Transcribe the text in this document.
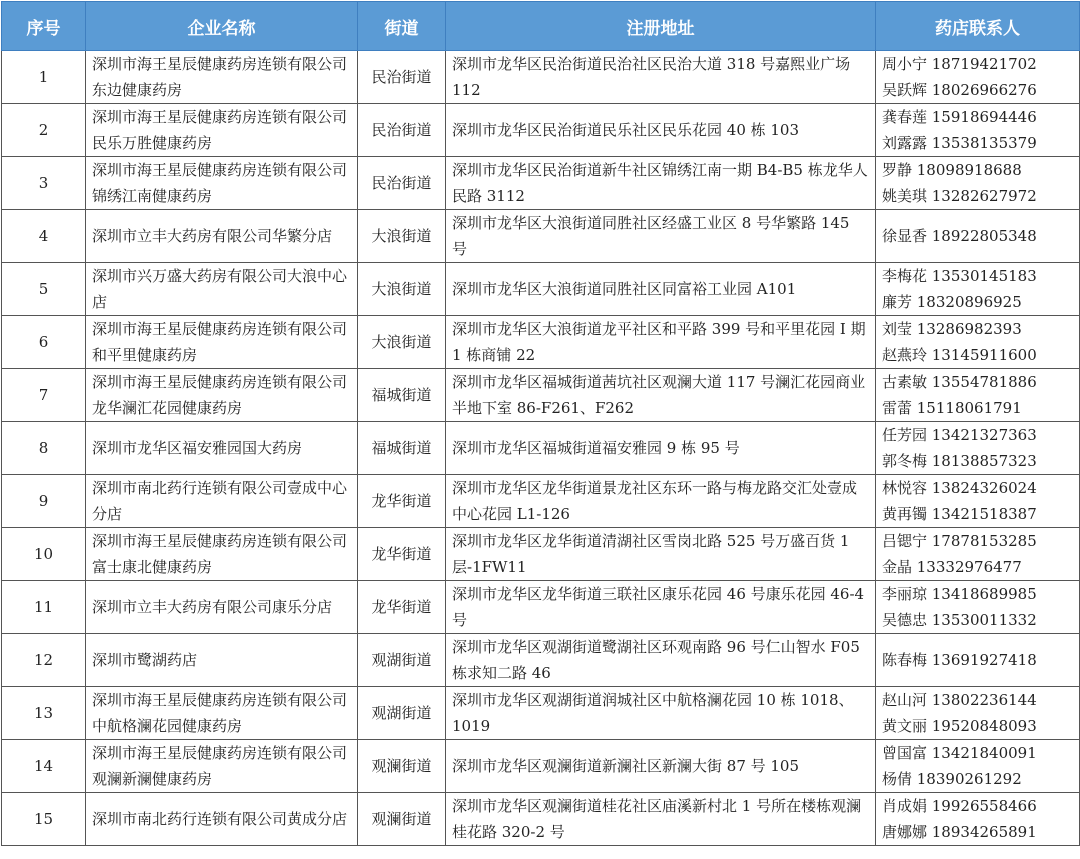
序号	企业名称	街道	注册地址	药店联系人
1	深圳市海王星辰健康药房连锁有限公司东边健康药房	民治街道	深圳市龙华区民治街道民治社区民治大道 318 号嘉熙业广场 112	周小宁 18719421702
吴跃辉 18026966276

2	深圳市海王星辰健康药房连锁有限公司民乐万胜健康药房	民治街道	深圳市龙华区民治街道民乐社区民乐花园 40 栋 103	龚春莲 15918694446
刘露露 13538135379

3	深圳市海王星辰健康药房连锁有限公司锦绣江南健康药房	民治街道	深圳市龙华区民治街道新牛社区锦绣江南一期 B4-B5 栋龙华人民路 3112	罗静 18098918688
姚美琪 13282627972

4	深圳市立丰大药房有限公司华繁分店	大浪街道	深圳市龙华区大浪街道同胜社区经盛工业区 8 号华繁路 145 号	徐显香 18922805348

5	深圳市兴万盛大药房有限公司大浪中心店	大浪街道	深圳市龙华区大浪街道同胜社区同富裕工业园 A101	李梅花 13530145183
廉芳 18320896925

6	深圳市海王星辰健康药房连锁有限公司和平里健康药房	大浪街道	深圳市龙华区大浪街道龙平社区和平路 399 号和平里花园 I 期 1 栋商铺 22	刘莹 13286982393
赵燕玲 13145911600

7	深圳市海王星辰健康药房连锁有限公司龙华澜汇花园健康药房	福城街道	深圳市龙华区福城街道茜坑社区观澜大道 117 号澜汇花园商业半地下室 86-F261、F262	古素敏 13554781886
雷蕾 15118061791

8	深圳市龙华区福安雅园国大药房	福城街道	深圳市龙华区福城街道福安雅园 9 栋 95 号	任芳园 13421327363
郭冬梅 18138857323

9	深圳市南北药行连锁有限公司壹成中心分店	龙华街道	深圳市龙华区龙华街道景龙社区东环一路与梅龙路交汇处壹成中心花园 L1-126	林悦容 13824326024
黄再镯 13421518387

10	深圳市海王星辰健康药房连锁有限公司富士康北健康药房	龙华街道	深圳市龙华区龙华街道清湖社区雪岗北路 525 号万盛百货 1 层-1FW11	吕锶宁 17878153285
金晶 13332976477

11	深圳市立丰大药房有限公司康乐分店	龙华街道	深圳市龙华区龙华街道三联社区康乐花园 46 号康乐花园 46-4 号	李丽琼 13418689985
吴德忠 13530011332

12	深圳市鹭湖药店	观湖街道	深圳市龙华区观湖街道鹭湖社区环观南路 96 号仁山智水 F05 栋求知二路 46	陈春梅 13691927418

13	深圳市海王星辰健康药房连锁有限公司中航格澜花园健康药房	观湖街道	深圳市龙华区观湖街道润城社区中航格澜花园 10 栋 1018、1019	赵山河 13802236144
黄文丽 19520848093

14	深圳市海王星辰健康药房连锁有限公司观澜新澜健康药房	观澜街道	深圳市龙华区观澜街道新澜社区新澜大街 87 号 105	曾国富 13421840091
杨倩 18390261292

15	深圳市南北药行连锁有限公司黄成分店	观澜街道	深圳市龙华区观澜街道桂花社区庙溪新村北 1 号所在楼栋观澜桂花路 320-2 号	肖成娟 19926558466
唐娜娜 18934265891
